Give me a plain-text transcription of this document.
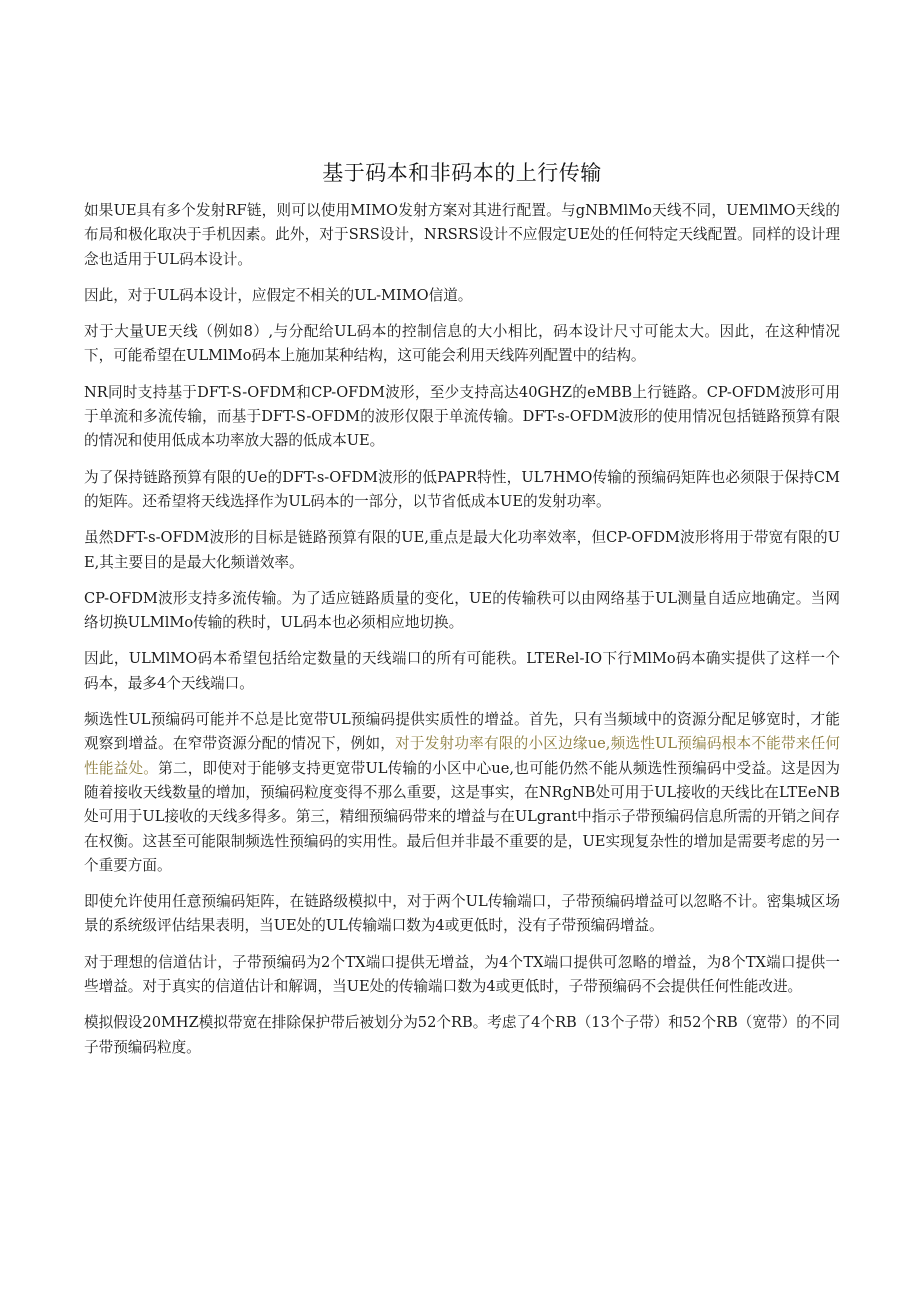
基于码本和非码本的上行传输

如果UE具有多个发射RF链，则可以使用MIMO发射方案对其进行配置。与gNBMlMo天线不同，UEMlMO天线的布局和极化取决于手机因素。此外，对于SRS设计，NRSRS设计不应假定UE处的任何特定天线配置。同样的设计理念也适用于UL码本设计。

因此，对于UL码本设计，应假定不相关的UL-MIMO信道。

对于大量UE天线（例如8）,与分配给UL码本的控制信息的大小相比，码本设计尺寸可能太大。因此，在这种情况下，可能希望在ULMlMo码本上施加某种结构，这可能会利用天线阵列配置中的结构。

NR同时支持基于DFT-S-OFDM和CP-OFDM波形，至少支持高达40GHZ的eMBB上行链路。CP-OFDM波形可用于单流和多流传输，而基于DFT-S-OFDM的波形仅限于单流传输。DFT-s-OFDM波形的使用情况包括链路预算有限的情况和使用低成本功率放大器的低成本UE。

为了保持链路预算有限的Ue的DFT-s-OFDM波形的低PAPR特性，UL7HMO传输的预编码矩阵也必须限于保持CM的矩阵。还希望将天线选择作为UL码本的一部分，以节省低成本UE的发射功率。

虽然DFT-s-OFDM波形的目标是链路预算有限的UE,重点是最大化功率效率，但CP-OFDM波形将用于带宽有限的UE,其主要目的是最大化频谱效率。

CP-OFDM波形支持多流传输。为了适应链路质量的变化，UE的传输秩可以由网络基于UL测量自适应地确定。当网络切换ULMlMo传输的秩时，UL码本也必须相应地切换。

因此，ULMlMO码本希望包括给定数量的天线端口的所有可能秩。LTERel-IO下行MlMo码本确实提供了这样一个码本，最多4个天线端口。

频选性UL预编码可能并不总是比宽带UL预编码提供实质性的增益。首先，只有当频域中的资源分配足够宽时，才能观察到增益。在窄带资源分配的情况下，例如，对于发射功率有限的小区边缘ue,频选性UL预编码根本不能带来任何性能益处。第二，即使对于能够支持更宽带UL传输的小区中心ue,也可能仍然不能从频选性预编码中受益。这是因为随着接收天线数量的增加，预编码粒度变得不那么重要，这是事实，在NRgNB处可用于UL接收的天线比在LTEeNB处可用于UL接收的天线多得多。第三，精细预编码带来的增益与在ULgrant中指示子带预编码信息所需的开销之间存在权衡。这甚至可能限制频选性预编码的实用性。最后但并非最不重要的是，UE实现复杂性的增加是需要考虑的另一个重要方面。

即使允许使用任意预编码矩阵，在链路级模拟中，对于两个UL传输端口，子带预编码增益可以忽略不计。密集城区场景的系统级评估结果表明，当UE处的UL传输端口数为4或更低时，没有子带预编码增益。

对于理想的信道估计，子带预编码为2个TX端口提供无增益，为4个TX端口提供可忽略的增益，为8个TX端口提供一些增益。对于真实的信道估计和解调，当UE处的传输端口数为4或更低时，子带预编码不会提供任何性能改进。

模拟假设20MHZ模拟带宽在排除保护带后被划分为52个RB。考虑了4个RB（13个子带）和52个RB（宽带）的不同子带预编码粒度。
